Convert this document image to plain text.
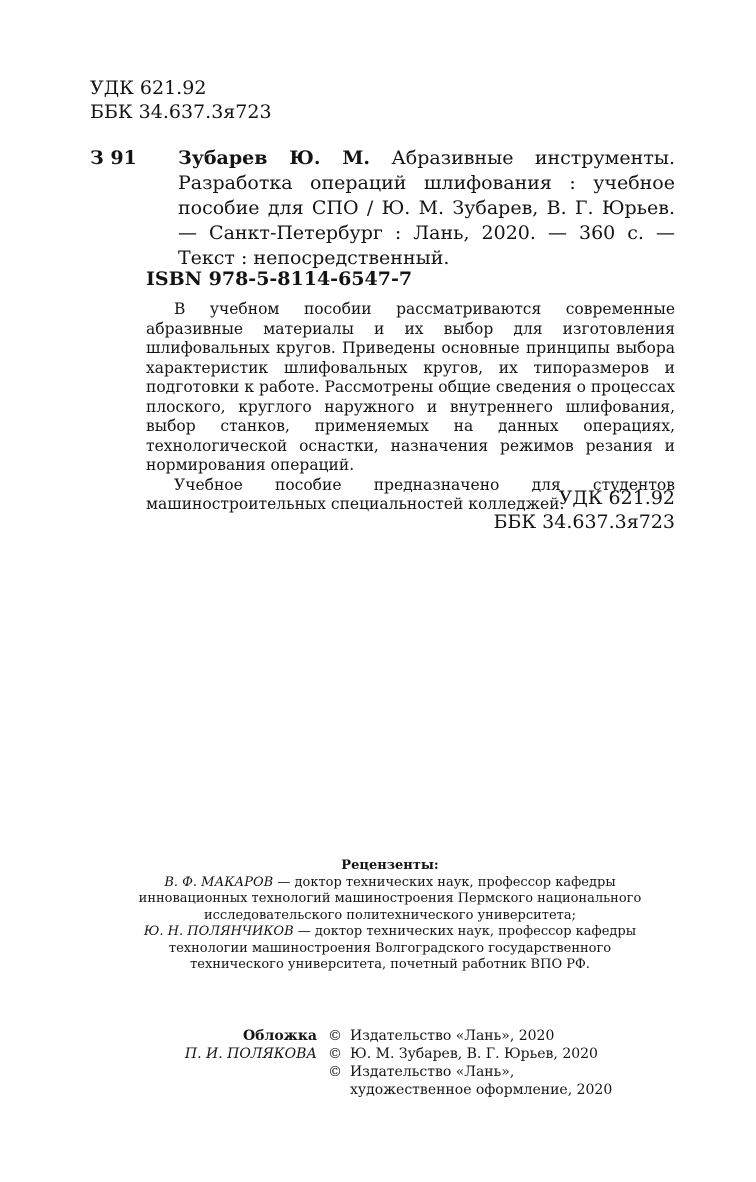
УДК 621.92
ББК 34.637.3я723
З 91 Зубарев Ю. М. Абразивные инструменты. Разработка операций шлифования : учебное пособие для СПО / Ю. М. Зубарев, В. Г. Юрьев. — Санкт-Петербург : Лань, 2020. — 360 с. — Текст : непосредственный.
ISBN 978-5-8114-6547-7

В учебном пособии рассматриваются современные абразивные материалы и их выбор для изготовления шлифовальных кругов. Приведены основные принципы выбора характеристик шлифовальных кругов, их типоразмеров и подготовки к работе. Рассмотрены общие сведения о процессах плоского, круглого наружного и внутреннего шлифования, выбор станков, применяемых на данных операциях, технологической оснастки, назначения режимов резания и нормирования операций.

Учебное пособие предназначено для студентов машиностроительных специальностей колледжей.

УДК 621.92
ББК 34.637.3я723
Рецензенты:
В. Ф. МАКАРОВ — доктор технических наук, профессор кафедры инновационных технологий машиностроения Пермского национального исследовательского политехнического университета;
Ю. Н. ПОЛЯНЧИКОВ — доктор технических наук, профессор кафедры технологии машиностроения Волгоградского государственного технического университета, почетный работник ВПО РФ.
Обложка
П. И. ПОЛЯКОВА
© Издательство «Лань», 2020
© Ю. М. Зубарев, В. Г. Юрьев, 2020
© Издательство «Лань»,
художественное оформление, 2020
